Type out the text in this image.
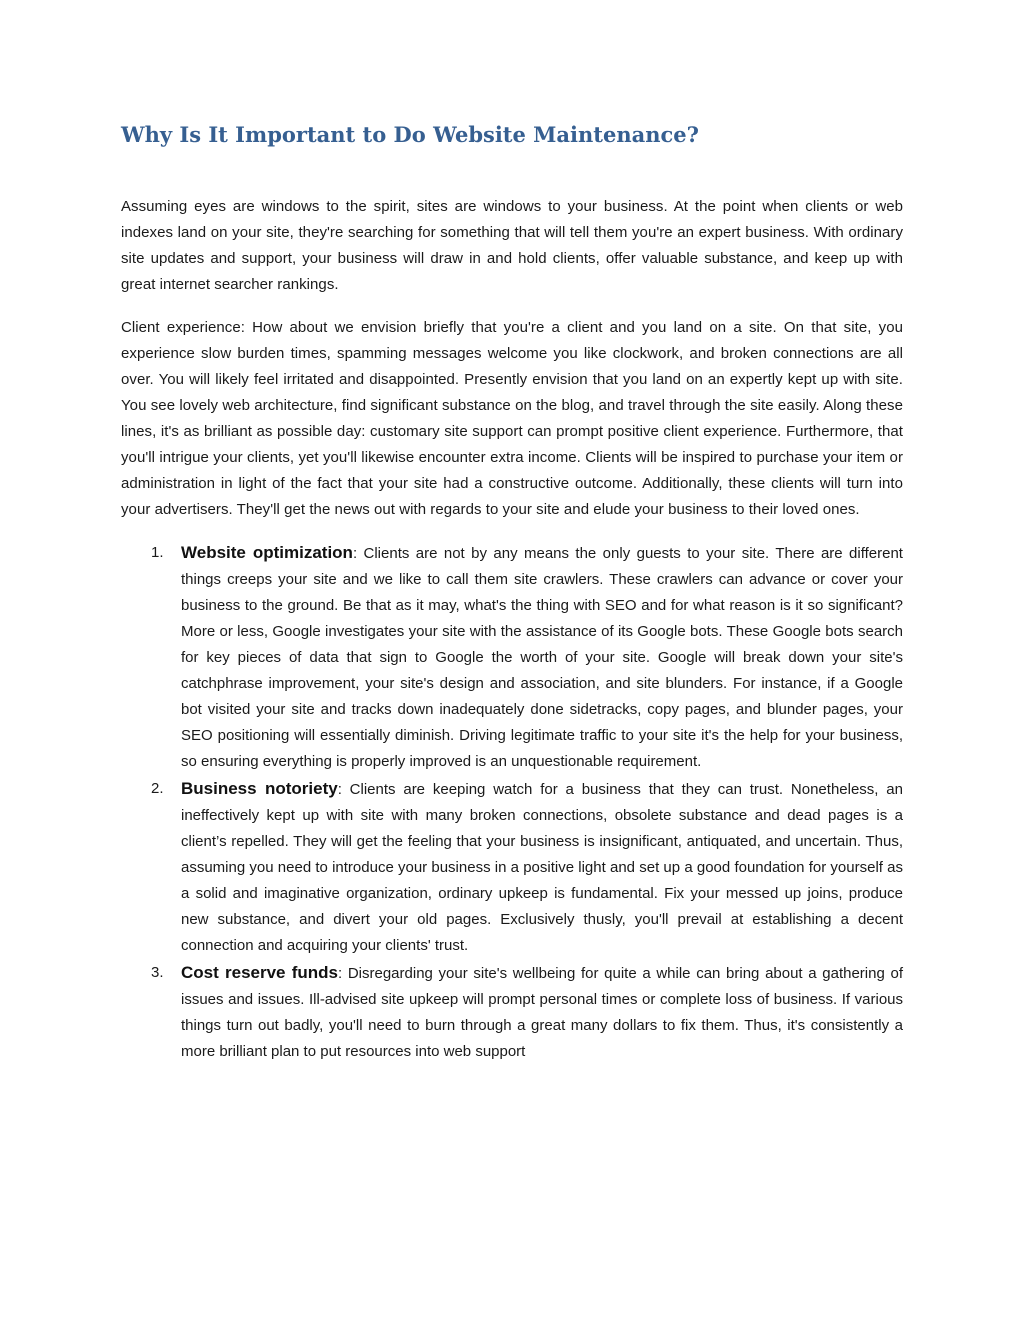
Why Is It Important to Do Website Maintenance?

Assuming eyes are windows to the spirit, sites are windows to your business. At the point when clients or web indexes land on your site, they're searching for something that will tell them you're an expert business. With ordinary site updates and support, your business will draw in and hold clients, offer valuable substance, and keep up with great internet searcher rankings.

Client experience: How about we envision briefly that you're a client and you land on a site. On that site, you experience slow burden times, spamming messages welcome you like clockwork, and broken connections are all over. You will likely feel irritated and disappointed. Presently envision that you land on an expertly kept up with site. You see lovely web architecture, find significant substance on the blog, and travel through the site easily. Along these lines, it's as brilliant as possible day: customary site support can prompt positive client experience. Furthermore, that you'll intrigue your clients, yet you'll likewise encounter extra income. Clients will be inspired to purchase your item or administration in light of the fact that your site had a constructive outcome. Additionally, these clients will turn into your advertisers. They'll get the news out with regards to your site and elude your business to their loved ones.

1.	Website optimization: Clients are not by any means the only guests to your site. There are different things creeps your site and we like to call them site crawlers. These crawlers can advance or cover your business to the ground. Be that as it may, what's the thing with SEO and for what reason is it so significant? More or less, Google investigates your site with the assistance of its Google bots. These Google bots search for key pieces of data that sign to Google the worth of your site. Google will break down your site's catchphrase improvement, your site's design and association, and site blunders. For instance, if a Google bot visited your site and tracks down inadequately done sidetracks, copy pages, and blunder pages, your SEO positioning will essentially diminish. Driving legitimate traffic to your site it's the help for your business, so ensuring everything is properly improved is an unquestionable requirement.
2.	Business notoriety: Clients are keeping watch for a business that they can trust. Nonetheless, an ineffectively kept up with site with many broken connections, obsolete substance and dead pages is a client’s repelled. They will get the feeling that your business is insignificant, antiquated, and uncertain. Thus, assuming you need to introduce your business in a positive light and set up a good foundation for yourself as a solid and imaginative organization, ordinary upkeep is fundamental. Fix your messed up joins, produce new substance, and divert your old pages. Exclusively thusly, you'll prevail at establishing a decent connection and acquiring your clients' trust.
3.	Cost reserve funds: Disregarding your site's wellbeing for quite a while can bring about a gathering of issues and issues. Ill-advised site upkeep will prompt personal times or complete loss of business. If various things turn out badly, you'll need to burn through a great many dollars to fix them. Thus, it's consistently a more brilliant plan to put resources into web support
